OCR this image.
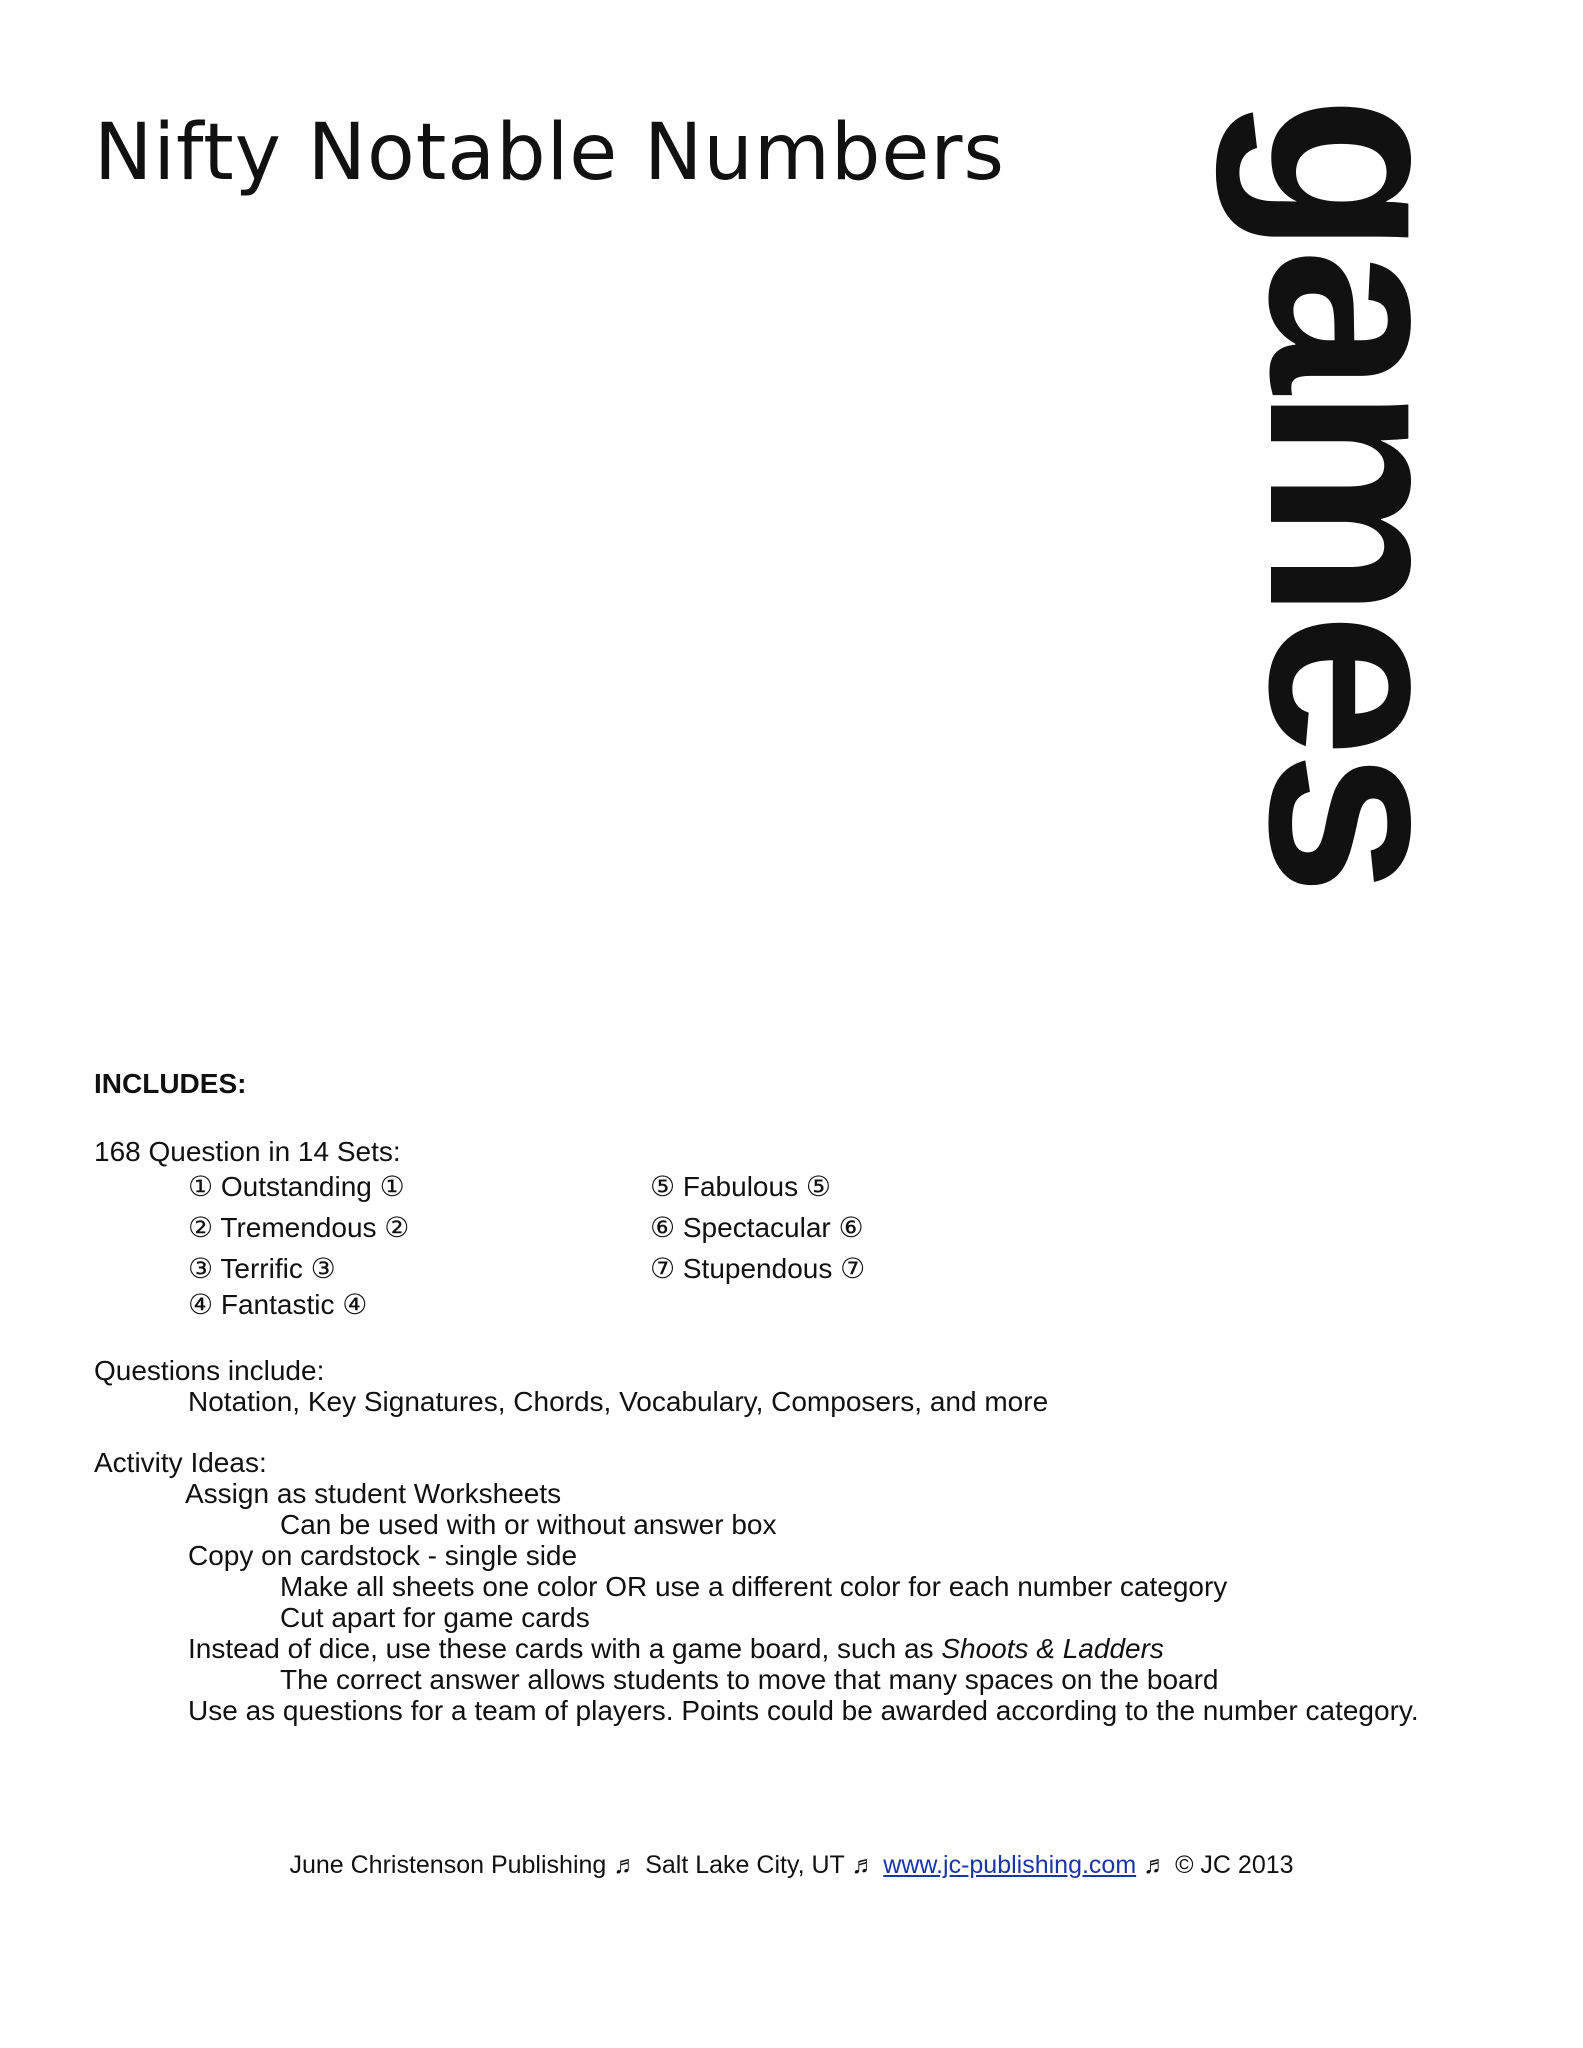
Nifty Notable Numbers games
INCLUDES:
168 Question in 14 Sets:
① Outstanding ①
② Tremendous ②
③ Terrific ③
④ Fantastic ④
⑤ Fabulous ⑤
⑥ Spectacular ⑥
⑦ Stupendous ⑦
Questions include:
Notation, Key Signatures, Chords, Vocabulary, Composers, and more
Activity Ideas:
Assign as student Worksheets
Can be used with or without answer box
Copy on cardstock - single side
Make all sheets one color OR use a different color for each number category
Cut apart for game cards
Instead of dice, use these cards with a game board, such as Shoots & Ladders
The correct answer allows students to move that many spaces on the board
Use as questions for a team of players. Points could be awarded according to the number category.
June Christenson Publishing ♬ Salt Lake City, UT ♬ www.jc-publishing.com ♬ © JC 2013
